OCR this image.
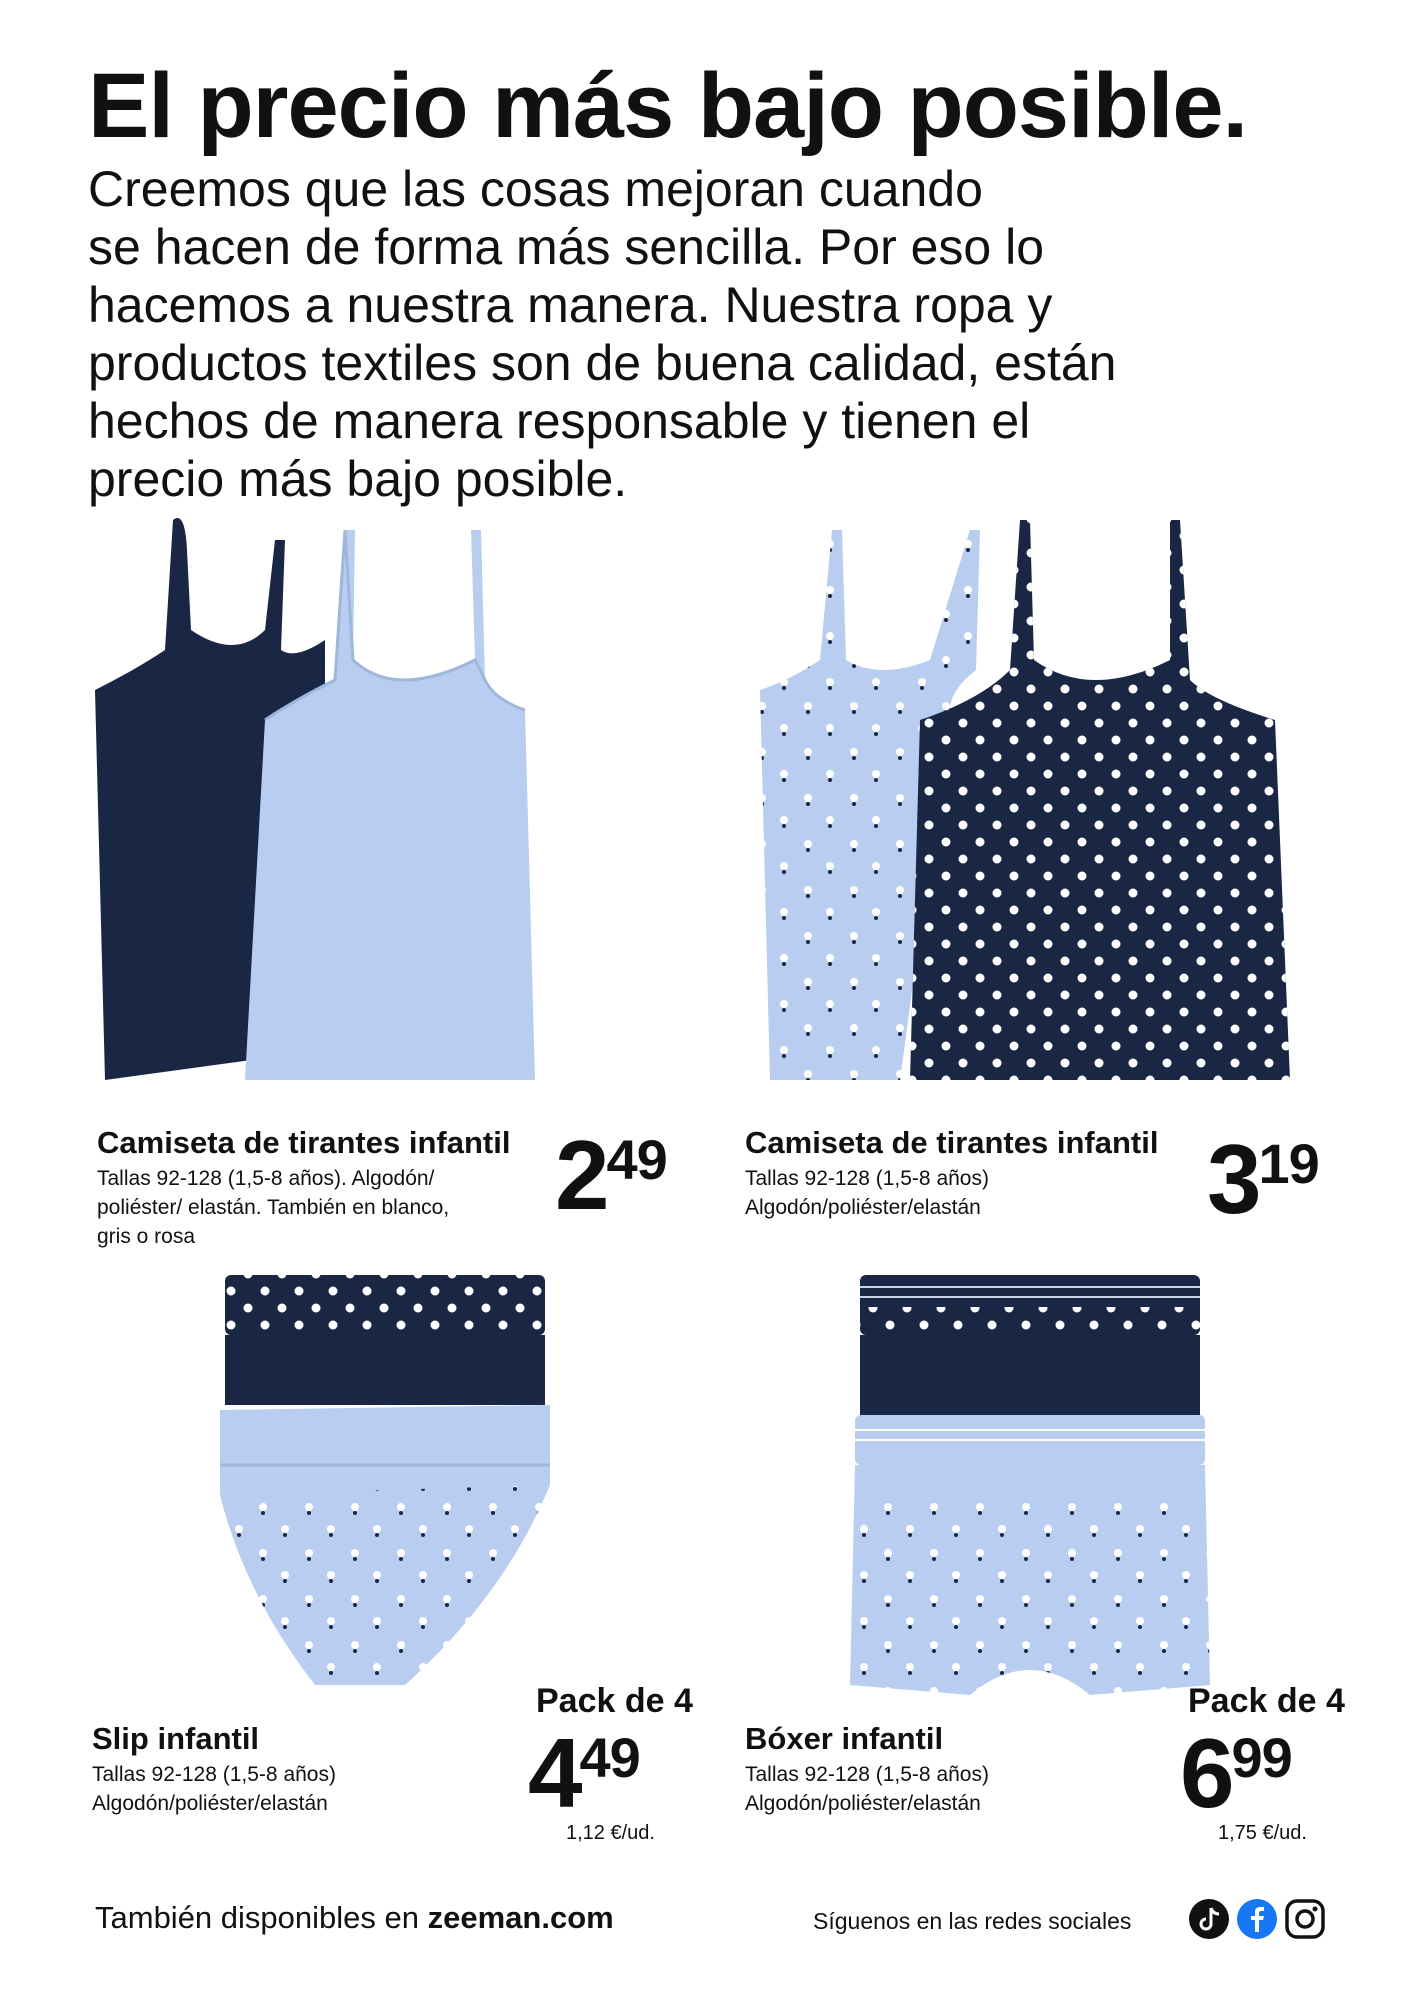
El precio más bajo posible.

Creemos que las cosas mejoran cuando
se hacen de forma más sencilla. Por eso lo
hacemos a nuestra manera. Nuestra ropa y
productos textiles son de buena calidad, están
hechos de manera responsable y tienen el
precio más bajo posible.

Camiseta de tirantes infantil

Tallas 92-128 (1,5-8 años). Algodón/
poliéster/ elastán. También en blanco,
gris o rosa

249	Camiseta de tirantes infantil

Tallas 92-128 (1,5-8 años)
Algodón/poliéster/elastán	319

Slip infantil

Tallas 92-128 (1,5-8 años)
Algodón/poliéster/elastán

Pack de 4
449
1,12 €/ud.

Bóxer infantil

Tallas 92-128 (1,5-8 años)
Algodón/poliéster/elastán

Pack de 4
699
1,75 €/ud.
También disponibles en zeeman.com	Síguenos en las redes sociales
